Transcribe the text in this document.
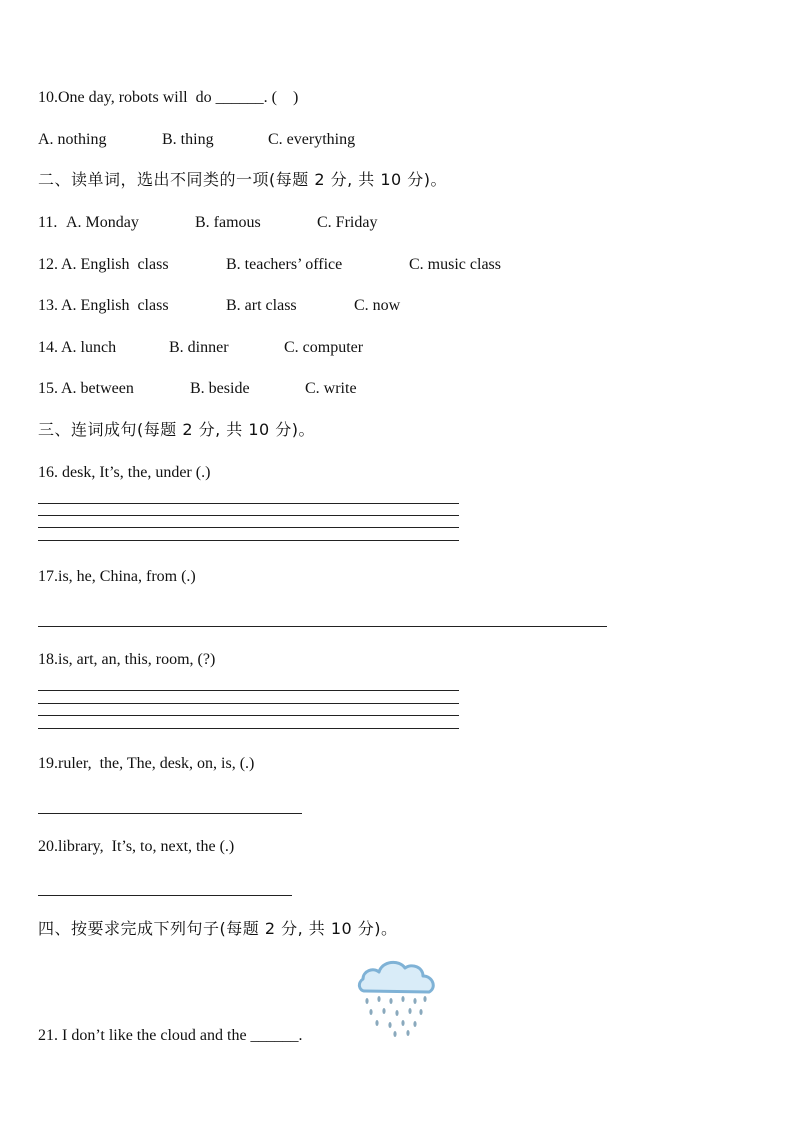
10.One day, robots will  do ______. (    )

A. nothing

	B. thing

	C. everything

二、读单词，选出不同类的一项(每题 2 分, 共 10 分)。

11.

A. Monday

	B. famous

	C. Friday

12.

A. English  class

	B. teachers’ office

	C. music class

13.

A. English  class

	B. art class

	C. now

14.

A. lunch

	B. dinner

	C. computer

15.

A. between

	B. beside

	C. write

三、连词成句(每题 2 分, 共 10 分)。
16. desk, It’s, the, under (.)
17.is, he, China, from (.)
18.is, art, an, this, room, (?)
19.ruler,  the, The, desk, on, is, (.)
20.library,  It’s, to, next, the (.)
四、按要求完成下列句子(每题 2 分, 共 10 分)。
21. I don’t like the cloud and the ______.
